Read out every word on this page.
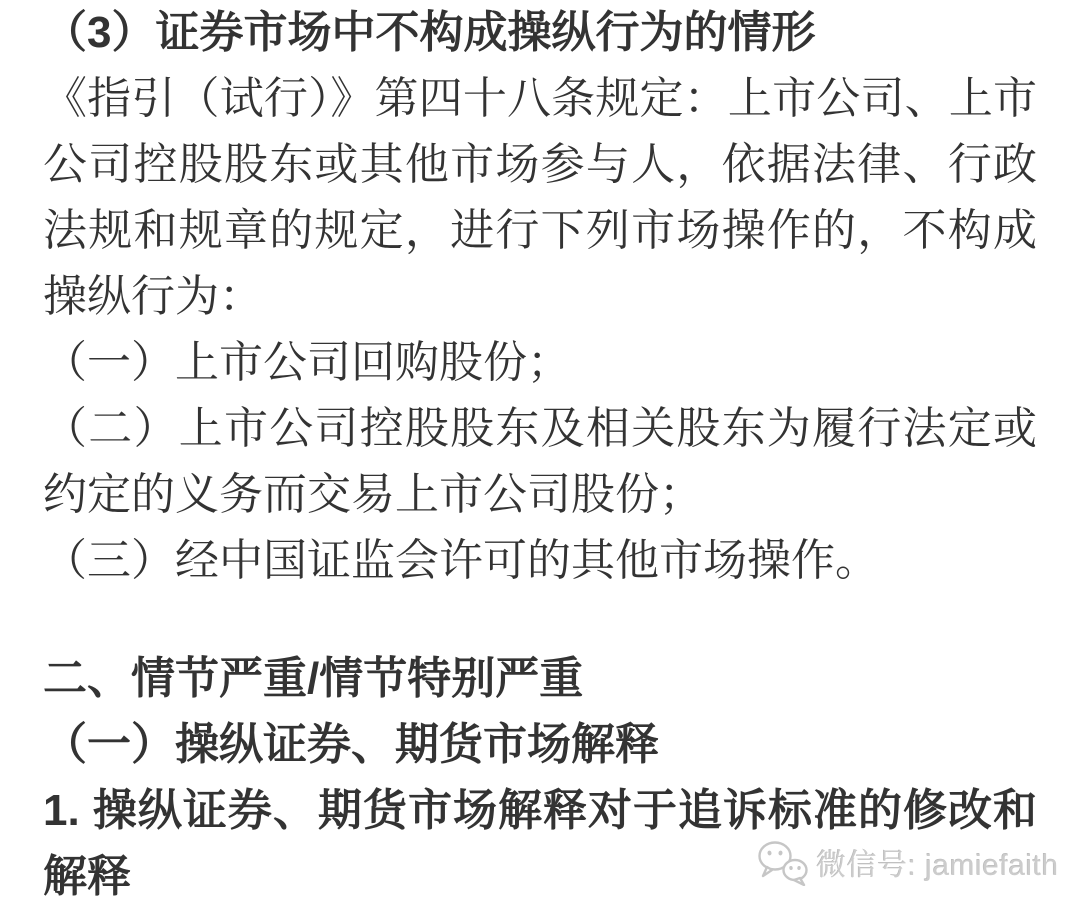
（3）证券市场中不构成操纵行为的情形

《指引（试行）》第四十八条规定：上市公司、上市公司控股股东或其他市场参与人，依据法律、行政法规和规章的规定，进行下列市场操作的，不构成操纵行为：

（一）上市公司回购股份；

（二）上市公司控股股东及相关股东为履行法定或约定的义务而交易上市公司股份；

（三）经中国证监会许可的其他市场操作。

二、情节严重/情节特别严重

（一）操纵证券、期货市场解释

1. 操纵证券、期货市场解释对于追诉标准的修改和解释	微信号: jamiefaith
